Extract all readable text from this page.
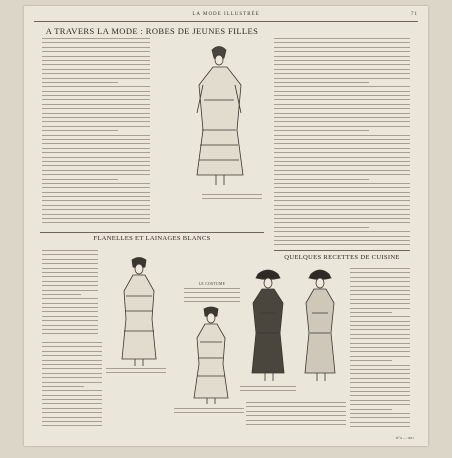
LA MODE ILLUSTRÉE	71
A TRAVERS LA MODE : ROBES DE JEUNES FILLES
FLANELLES ET LAINAGES BLANCS
QUELQUES RECETTES DE CUISINE
LE COSTUME
N° 6 — 1921
